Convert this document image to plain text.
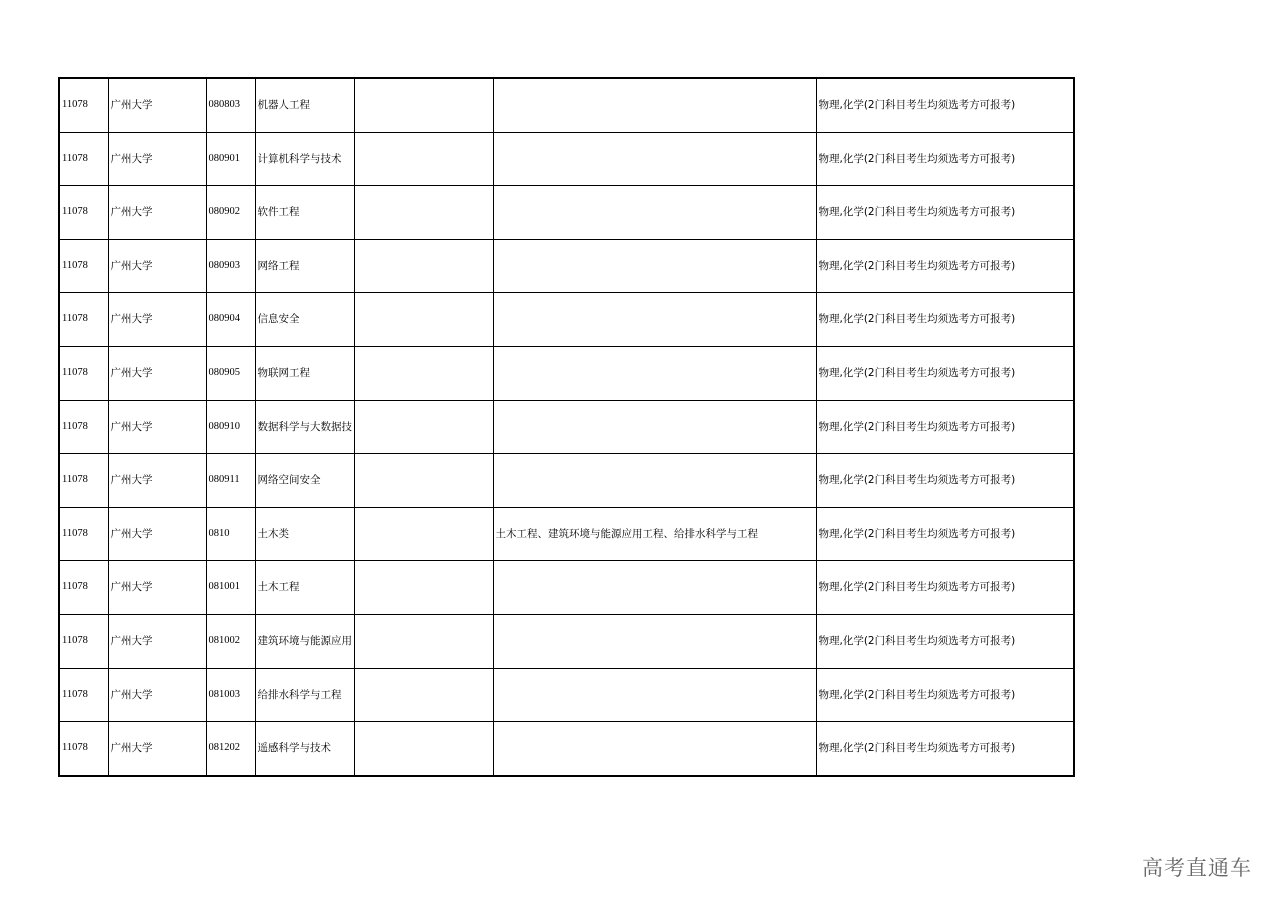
11078	广州大学	080803	机器人工程			物理,化学(2门科目考生均须选考方可报考)
11078	广州大学	080901	计算机科学与技术			物理,化学(2门科目考生均须选考方可报考)
11078	广州大学	080902	软件工程			物理,化学(2门科目考生均须选考方可报考)
11078	广州大学	080903	网络工程			物理,化学(2门科目考生均须选考方可报考)
11078	广州大学	080904	信息安全			物理,化学(2门科目考生均须选考方可报考)
11078	广州大学	080905	物联网工程			物理,化学(2门科目考生均须选考方可报考)
11078	广州大学	080910	数据科学与大数据技			物理,化学(2门科目考生均须选考方可报考)
11078	广州大学	080911	网络空间安全			物理,化学(2门科目考生均须选考方可报考)
11078	广州大学	0810	土木类		土木工程、建筑环境与能源应用工程、给排水科学与工程	物理,化学(2门科目考生均须选考方可报考)
11078	广州大学	081001	土木工程			物理,化学(2门科目考生均须选考方可报考)
11078	广州大学	081002	建筑环境与能源应用			物理,化学(2门科目考生均须选考方可报考)
11078	广州大学	081003	给排水科学与工程			物理,化学(2门科目考生均须选考方可报考)
11078	广州大学	081202	遥感科学与技术			物理,化学(2门科目考生均须选考方可报考)
高考直通车
